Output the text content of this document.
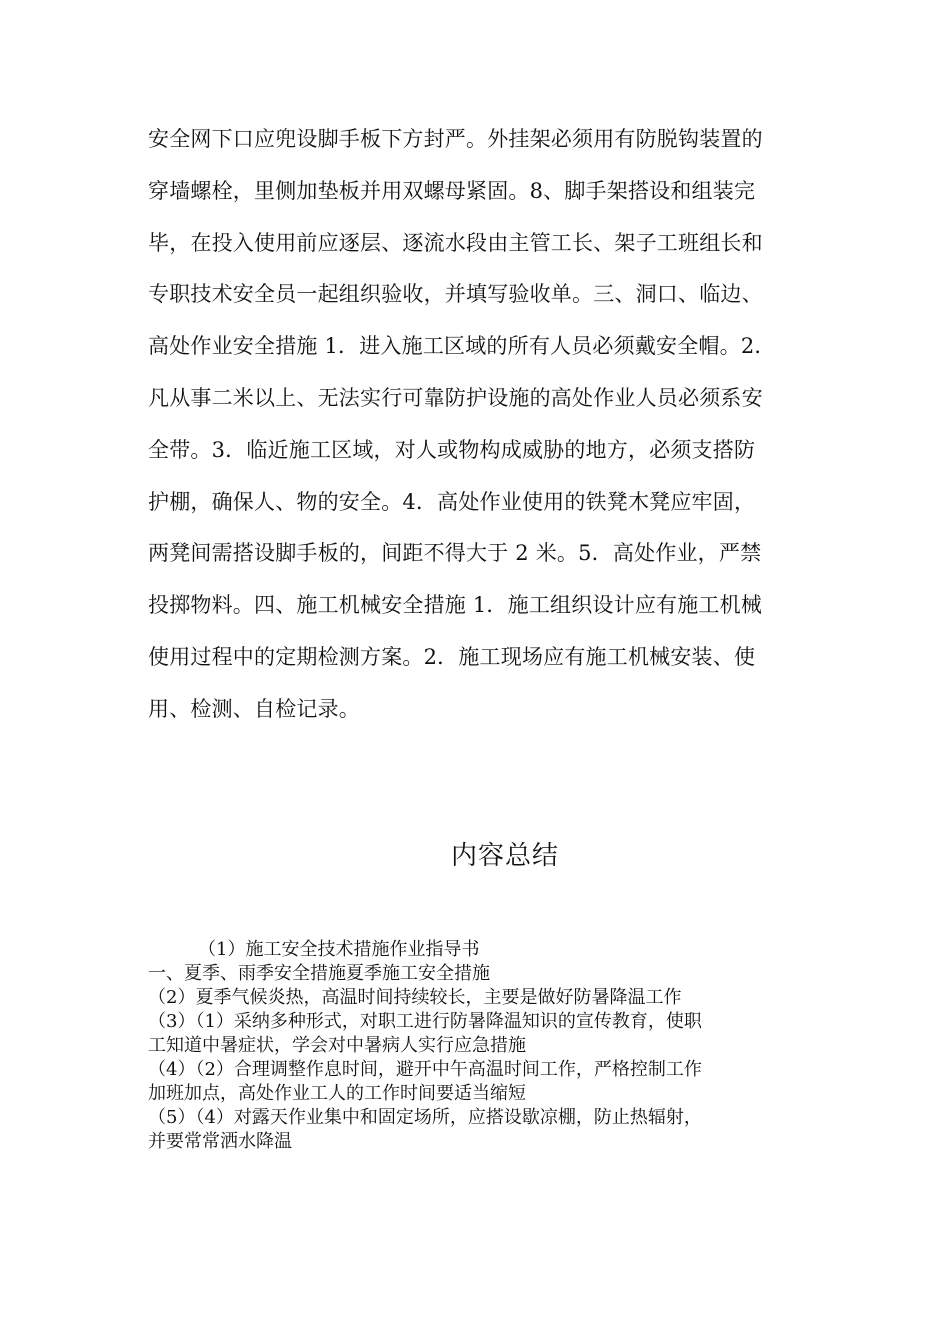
安全网下口应兜设脚手板下方封严。外挂架必须用有防脱钩装置的
穿墙螺栓，里侧加垫板并用双螺母紧固。8、脚手架搭设和组装完
毕，在投入使用前应逐层、逐流水段由主管工长、架子工班组长和
专职技术安全员一起组织验收，并填写验收单。三、洞口、临边、
高处作业安全措施 1．进入施工区域的所有人员必须戴安全帽。2．
凡从事二米以上、无法实行可靠防护设施的高处作业人员必须系安
全带。3．临近施工区域，对人或物构成威胁的地方，必须支搭防
护棚，确保人、物的安全。4．高处作业使用的铁凳木凳应牢固，
两凳间需搭设脚手板的，间距不得大于 2 米。5．高处作业，严禁
投掷物料。四、施工机械安全措施 1．施工组织设计应有施工机械
使用过程中的定期检测方案。2．施工现场应有施工机械安装、使
用、检测、自检记录。
内容总结
（1）施工安全技术措施作业指导书
一、夏季、雨季安全措施夏季施工安全措施
（2）夏季气候炎热，高温时间持续较长，主要是做好防暑降温工作
（3）（1）采纳多种形式，对职工进行防暑降温知识的宣传教育，使职
工知道中暑症状，学会对中暑病人实行应急措施
（4）（2）合理调整作息时间，避开中午高温时间工作，严格控制工作
加班加点，高处作业工人的工作时间要适当缩短
（5）（4）对露天作业集中和固定场所，应搭设歇凉棚，防止热辐射，
并要常常洒水降温
